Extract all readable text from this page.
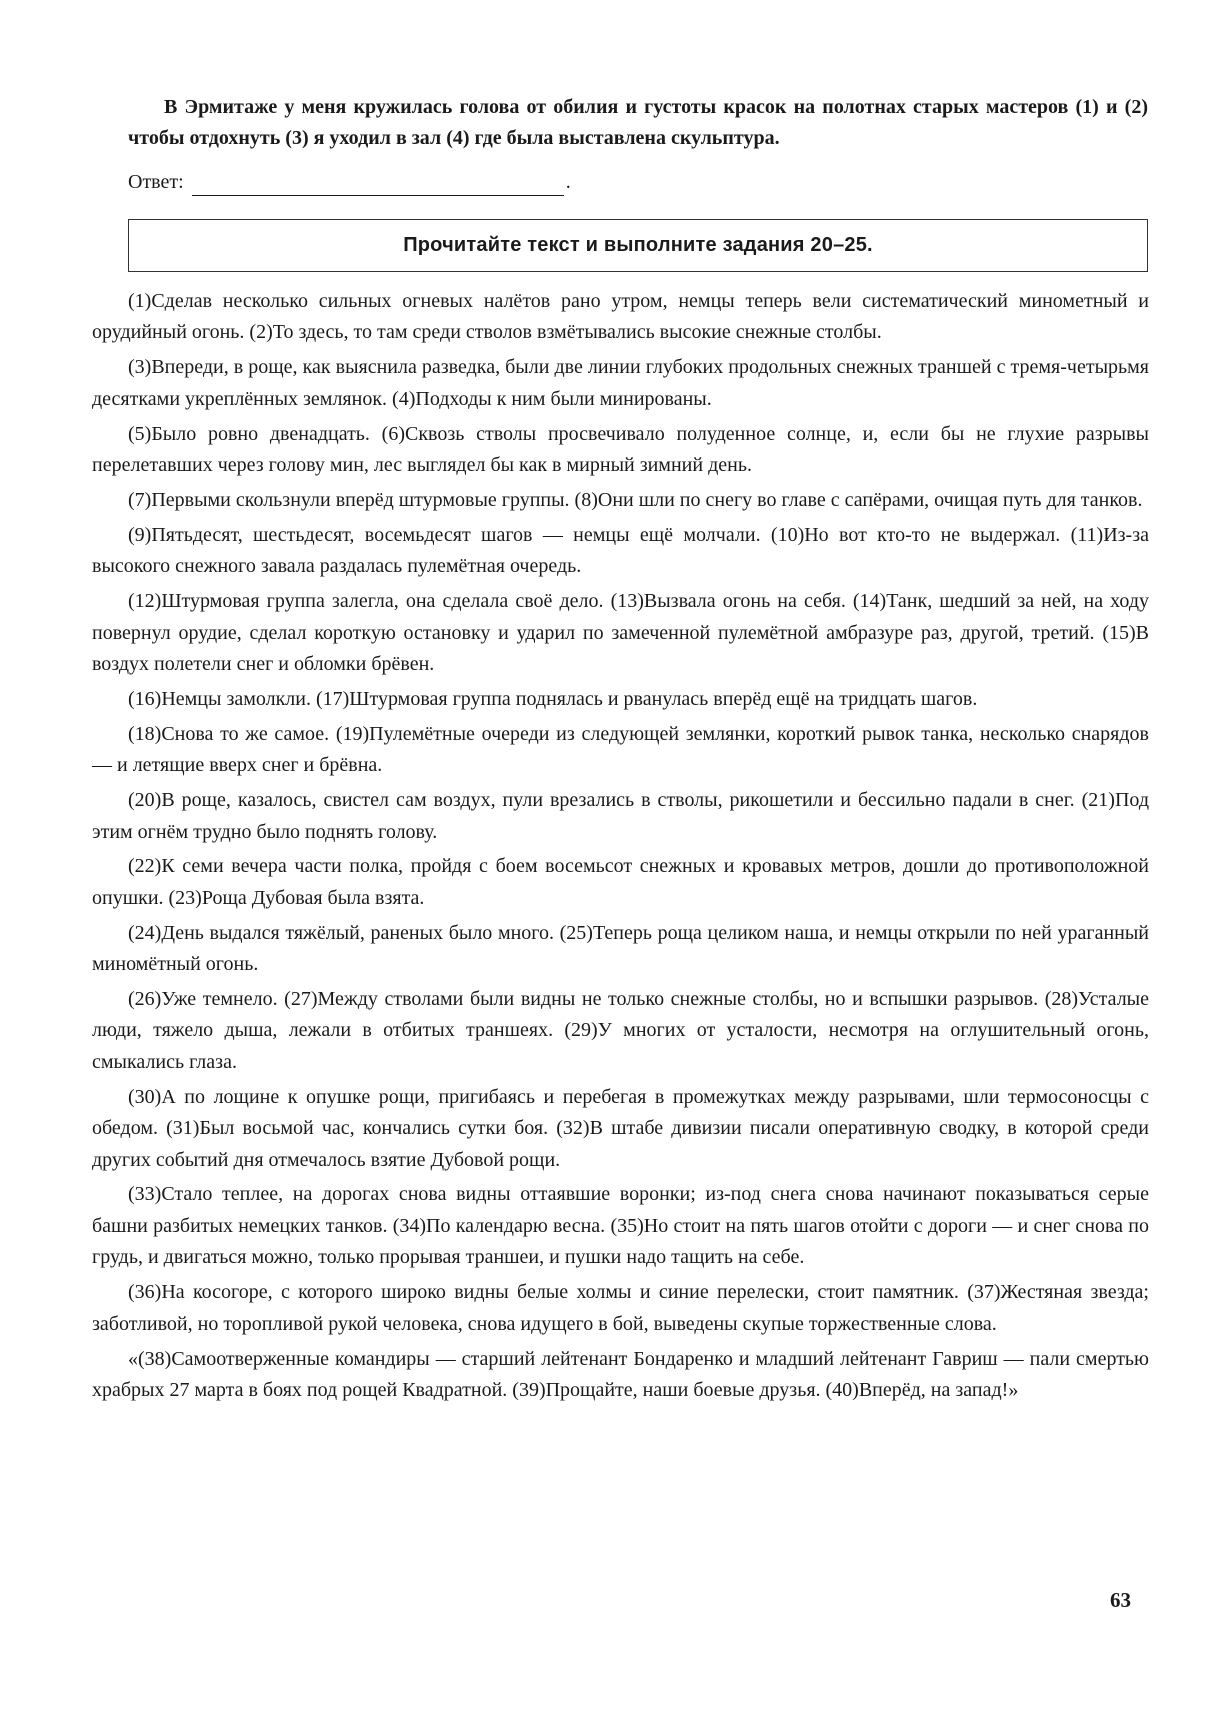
В Эрмитаже у меня кружилась голова от обилия и густоты красок на полотнах старых мастеров (1) и (2) чтобы отдохнуть (3) я уходил в зал (4) где была выставлена скульптура.

Ответ:	.
Прочитайте текст и выполните задания 20–25.

(1)Сделав несколько сильных огневых налётов рано утром, немцы теперь вели систематический минометный и орудийный огонь. (2)То здесь, то там среди стволов взмётывались высокие снежные столбы.

(3)Впереди, в роще, как выяснила разведка, были две линии глубоких продольных снежных траншей с тремя-четырьмя десятками укреплённых землянок. (4)Подходы к ним были минированы.

(5)Было ровно двенадцать. (6)Сквозь стволы просвечивало полуденное солнце, и, если бы не глухие разрывы перелетавших через голову мин, лес выглядел бы как в мирный зимний день.

(7)Первыми скользнули вперёд штурмовые группы. (8)Они шли по снегу во главе с сапёрами, очищая путь для танков.

(9)Пятьдесят, шестьдесят, восемьдесят шагов — немцы ещё молчали. (10)Но вот кто-то не выдержал. (11)Из-за высокого снежного завала раздалась пулемётная очередь.

(12)Штурмовая группа залегла, она сделала своё дело. (13)Вызвала огонь на себя. (14)Танк, шедший за ней, на ходу повернул орудие, сделал короткую остановку и ударил по замеченной пулемётной амбразуре раз, другой, третий. (15)В воздух полетели снег и обломки брёвен.

(16)Немцы замолкли. (17)Штурмовая группа поднялась и рванулась вперёд ещё на тридцать шагов.

(18)Снова то же самое. (19)Пулемётные очереди из следующей землянки, короткий рывок танка, несколько снарядов — и летящие вверх снег и брёвна.

(20)В роще, казалось, свистел сам воздух, пули врезались в стволы, рикошетили и бессильно падали в снег. (21)Под этим огнём трудно было поднять голову.

(22)К семи вечера части полка, пройдя с боем восемьсот снежных и кровавых метров, дошли до противоположной опушки. (23)Роща Дубовая была взята.

(24)День выдался тяжёлый, раненых было много. (25)Теперь роща целиком наша, и немцы открыли по ней ураганный миномётный огонь.

(26)Уже темнело. (27)Между стволами были видны не только снежные столбы, но и вспышки разрывов. (28)Усталые люди, тяжело дыша, лежали в отбитых траншеях. (29)У многих от усталости, несмотря на оглушительный огонь, смыкались глаза.

(30)А по лощине к опушке рощи, пригибаясь и перебегая в промежутках между разрывами, шли термосоносцы с обедом. (31)Был восьмой час, кончались сутки боя. (32)В штабе дивизии писали оперативную сводку, в которой среди других событий дня отмечалось взятие Дубовой рощи.

(33)Стало теплее, на дорогах снова видны оттаявшие воронки; из-под снега снова начинают показываться серые башни разбитых немецких танков. (34)По календарю весна. (35)Но стоит на пять шагов отойти с дороги — и снег снова по грудь, и двигаться можно, только прорывая траншеи, и пушки надо тащить на себе.

(36)На косогоре, с которого широко видны белые холмы и синие перелески, стоит памятник. (37)Жестяная звезда; заботливой, но торопливой рукой человека, снова идущего в бой, выведены скупые торжественные слова.

«(38)Самоотверженные командиры — старший лейтенант Бондаренко и младший лейтенант Гавриш — пали смертью храбрых 27 марта в боях под рощей Квадратной. (39)Прощайте, наши боевые друзья. (40)Вперёд, на запад!»

63
